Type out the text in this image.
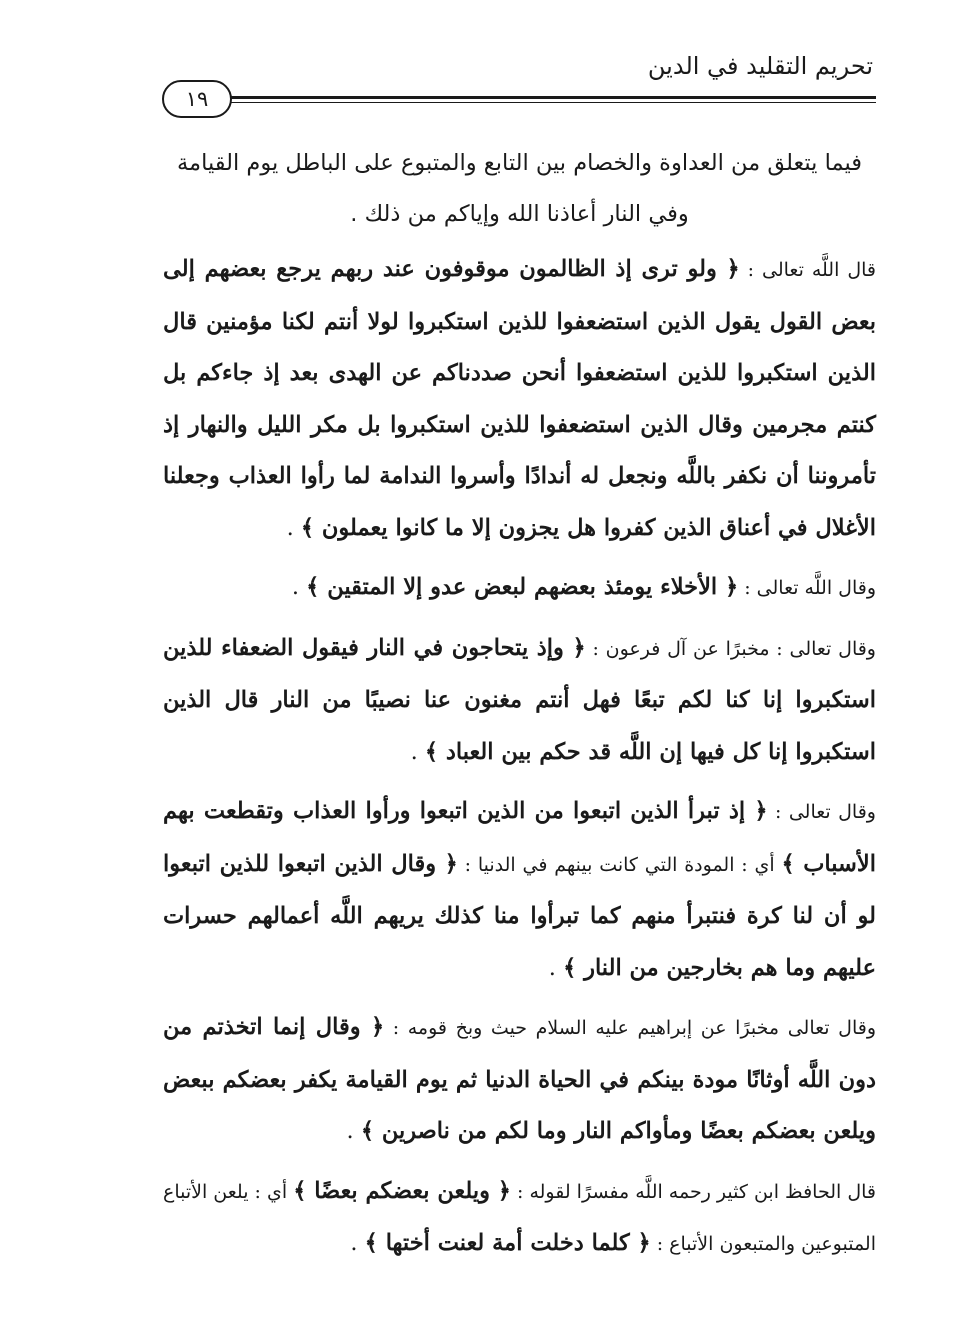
تحريم التقليد في الدين
١٩

فيما يتعلق من العداوة والخصام بين التابع والمتبوع على الباطل يوم القيامة وفي النار أعاذنا الله وإياكم من ذلك .

قال اللَّه تعالى : ﴿ ولو ترى إذ الظالمون موقوفون عند ربهم يرجع بعضهم إلى بعض القول يقول الذين استضعفوا للذين استكبروا لولا أنتم لكنا مؤمنين قال الذين استكبروا للذين استضعفوا أنحن صددناكم عن الهدى بعد إذ جاءكم بل كنتم مجرمين وقال الذين استضعفوا للذين استكبروا بل مكر الليل والنهار إذ تأمروننا أن نكفر باللَّه ونجعل له أندادًا وأسروا الندامة لما رأوا العذاب وجعلنا الأغلال في أعناق الذين كفروا هل يجزون إلا ما كانوا يعملون ﴾ .

وقال اللَّه تعالى : ﴿ الأخلاء يومئذ بعضهم لبعض عدو إلا المتقين ﴾ .

وقال تعالى : مخبرًا عن آل فرعون : ﴿ وإذ يتحاجون في النار فيقول الضعفاء للذين استكبروا إنا كنا لكم تبعًا فهل أنتم مغنون عنا نصيبًا من النار قال الذين استكبروا إنا كل فيها إن اللَّه قد حكم بين العباد ﴾ .

وقال تعالى : ﴿ إذ تبرأ الذين اتبعوا من الذين اتبعوا ورأوا العذاب وتقطعت بهم الأسباب ﴾ أي : المودة التي كانت بينهم في الدنيا : ﴿ وقال الذين اتبعوا للذين اتبعوا لو أن لنا كرة فنتبرأ منهم كما تبرأوا منا كذلك يريهم اللَّه أعمالهم حسرات عليهم وما هم بخارجين من النار ﴾ .

وقال تعالى مخبرًا عن إبراهيم عليه السلام حيث وبخ قومه : ﴿ وقال إنما اتخذتم من دون اللَّه أوثانًا مودة بينكم في الحياة الدنيا ثم يوم القيامة يكفر بعضكم ببعض ويلعن بعضكم بعضًا ومأواكم النار وما لكم من ناصرين ﴾ .

قال الحافظ ابن كثير رحمه اللَّه مفسرًا لقوله : ﴿ ويلعن بعضكم بعضًا ﴾ أي : يلعن الأتباع المتبوعين والمتبعون الأتباع : ﴿ كلما دخلت أمة لعنت أختها ﴾ .
